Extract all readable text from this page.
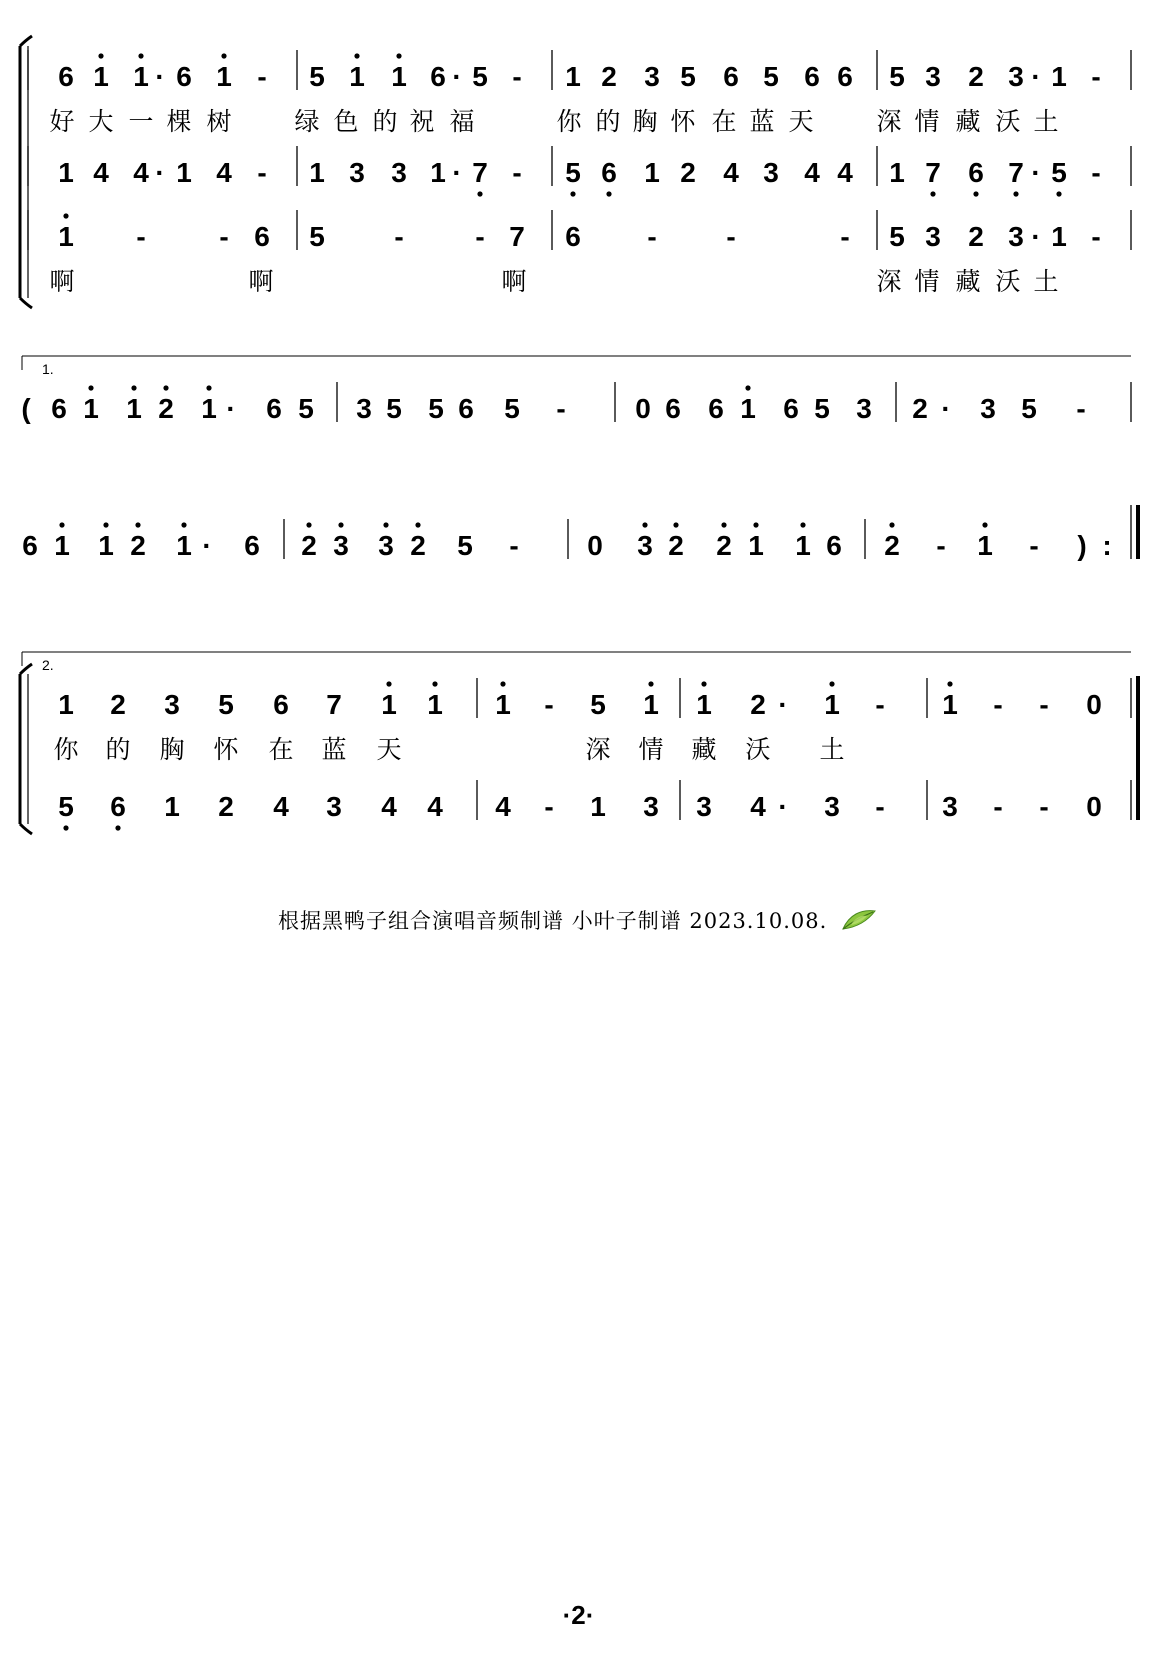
好 大 一 棵 树	绿 色 的 祝 福	你 的 胸 怀 在 蓝 天	深 情 藏 沃 土
啊	啊	啊	深 情 藏 沃 土
6 1 1 · 6 1 - 5 1 1 6 · 5 - 1 2 3 5 6 5 6 6 5 3 2 3 · 1 -
1 4 4 · 1 4 - 1 3 3 1 · 7 - 5 6 1 2 4 3 4 4 1 7 6 7 · 5 -
1 -	- 6 5 -	- 7 6 - -	- 5 3 2 3 · 1 -
1.
( 6 1 1 2 1 · 6 5 3 5 5 6 5 - 0 6 6 1 6 5 3 2 · 3 5 -
6 1 1 2 1 · 6 2 3 3 2 5 - 0 3 2 2 1 1 6 2 - 1 - ) :
2.
你 的 胸 怀 在 蓝 天	深 情 藏 沃 土
1 2 3 5 6 7 1 1 1 - 5 1 1 2 · 1 - 1 - - 0
5 6 1 2 4 3 4 4 4 - 1 3 3 4 · 3 - 3 - - 0
根据黑鸭子组合演唱音频制谱 小叶子制谱 2023.10.08.
·2·
